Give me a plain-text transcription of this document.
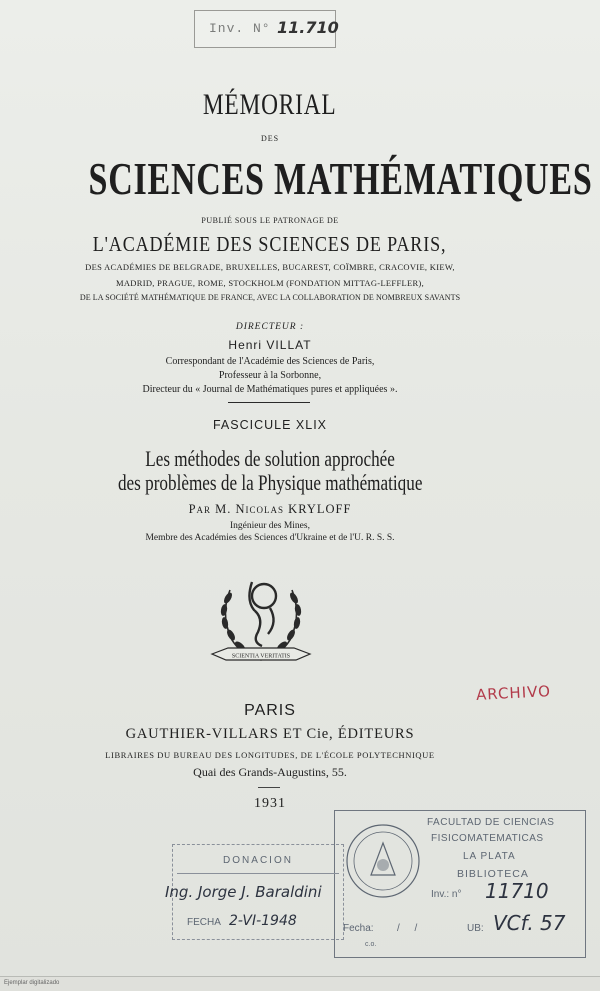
Inv. N° 11.710
MÉMORIAL
DES
SCIENCES MATHÉMATIQUES
PUBLIÉ SOUS LE PATRONAGE DE
L'ACADÉMIE DES SCIENCES DE PARIS,
DES ACADÉMIES DE BELGRADE, BRUXELLES, BUCAREST, COÏMBRE, CRACOVIE, KIEW,
MADRID, PRAGUE, ROME, STOCKHOLM (FONDATION MITTAG-LEFFLER),
DE LA SOCIÉTÉ MATHÉMATIQUE DE FRANCE, AVEC LA COLLABORATION DE NOMBREUX SAVANTS
DIRECTEUR :
Henri VILLAT
Correspondant de l'Académie des Sciences de Paris,
Professeur à la Sorbonne,
Directeur du « Journal de Mathématiques pures et appliquées ».
FASCICULE XLIX
Les méthodes de solution approchée
des problèmes de la Physique mathématique
Par M. Nicolas KRYLOFF
Ingénieur des Mines,
Membre des Académies des Sciences d'Ukraine et de l'U. R. S. S.
SCIENTIA VERITATIS
PARIS
GAUTHIER-VILLARS ET Cie, ÉDITEURS
LIBRAIRES DU BUREAU DES LONGITUDES, DE L'ÉCOLE POLYTECHNIQUE
Quai des Grands-Augustins, 55.
1931
ARCHIVO
FACULTAD DE CIENCIAS
FISICOMATEMATICAS
LA PLATA
BIBLIOTECA
Inv.: n° 11710
Fecha: / /	UB: VCf. 57
c.o.
DONACION
Ing. Jorge J. Baraldini
FECHA 2-VI-1948
Ejemplar digitalizado
